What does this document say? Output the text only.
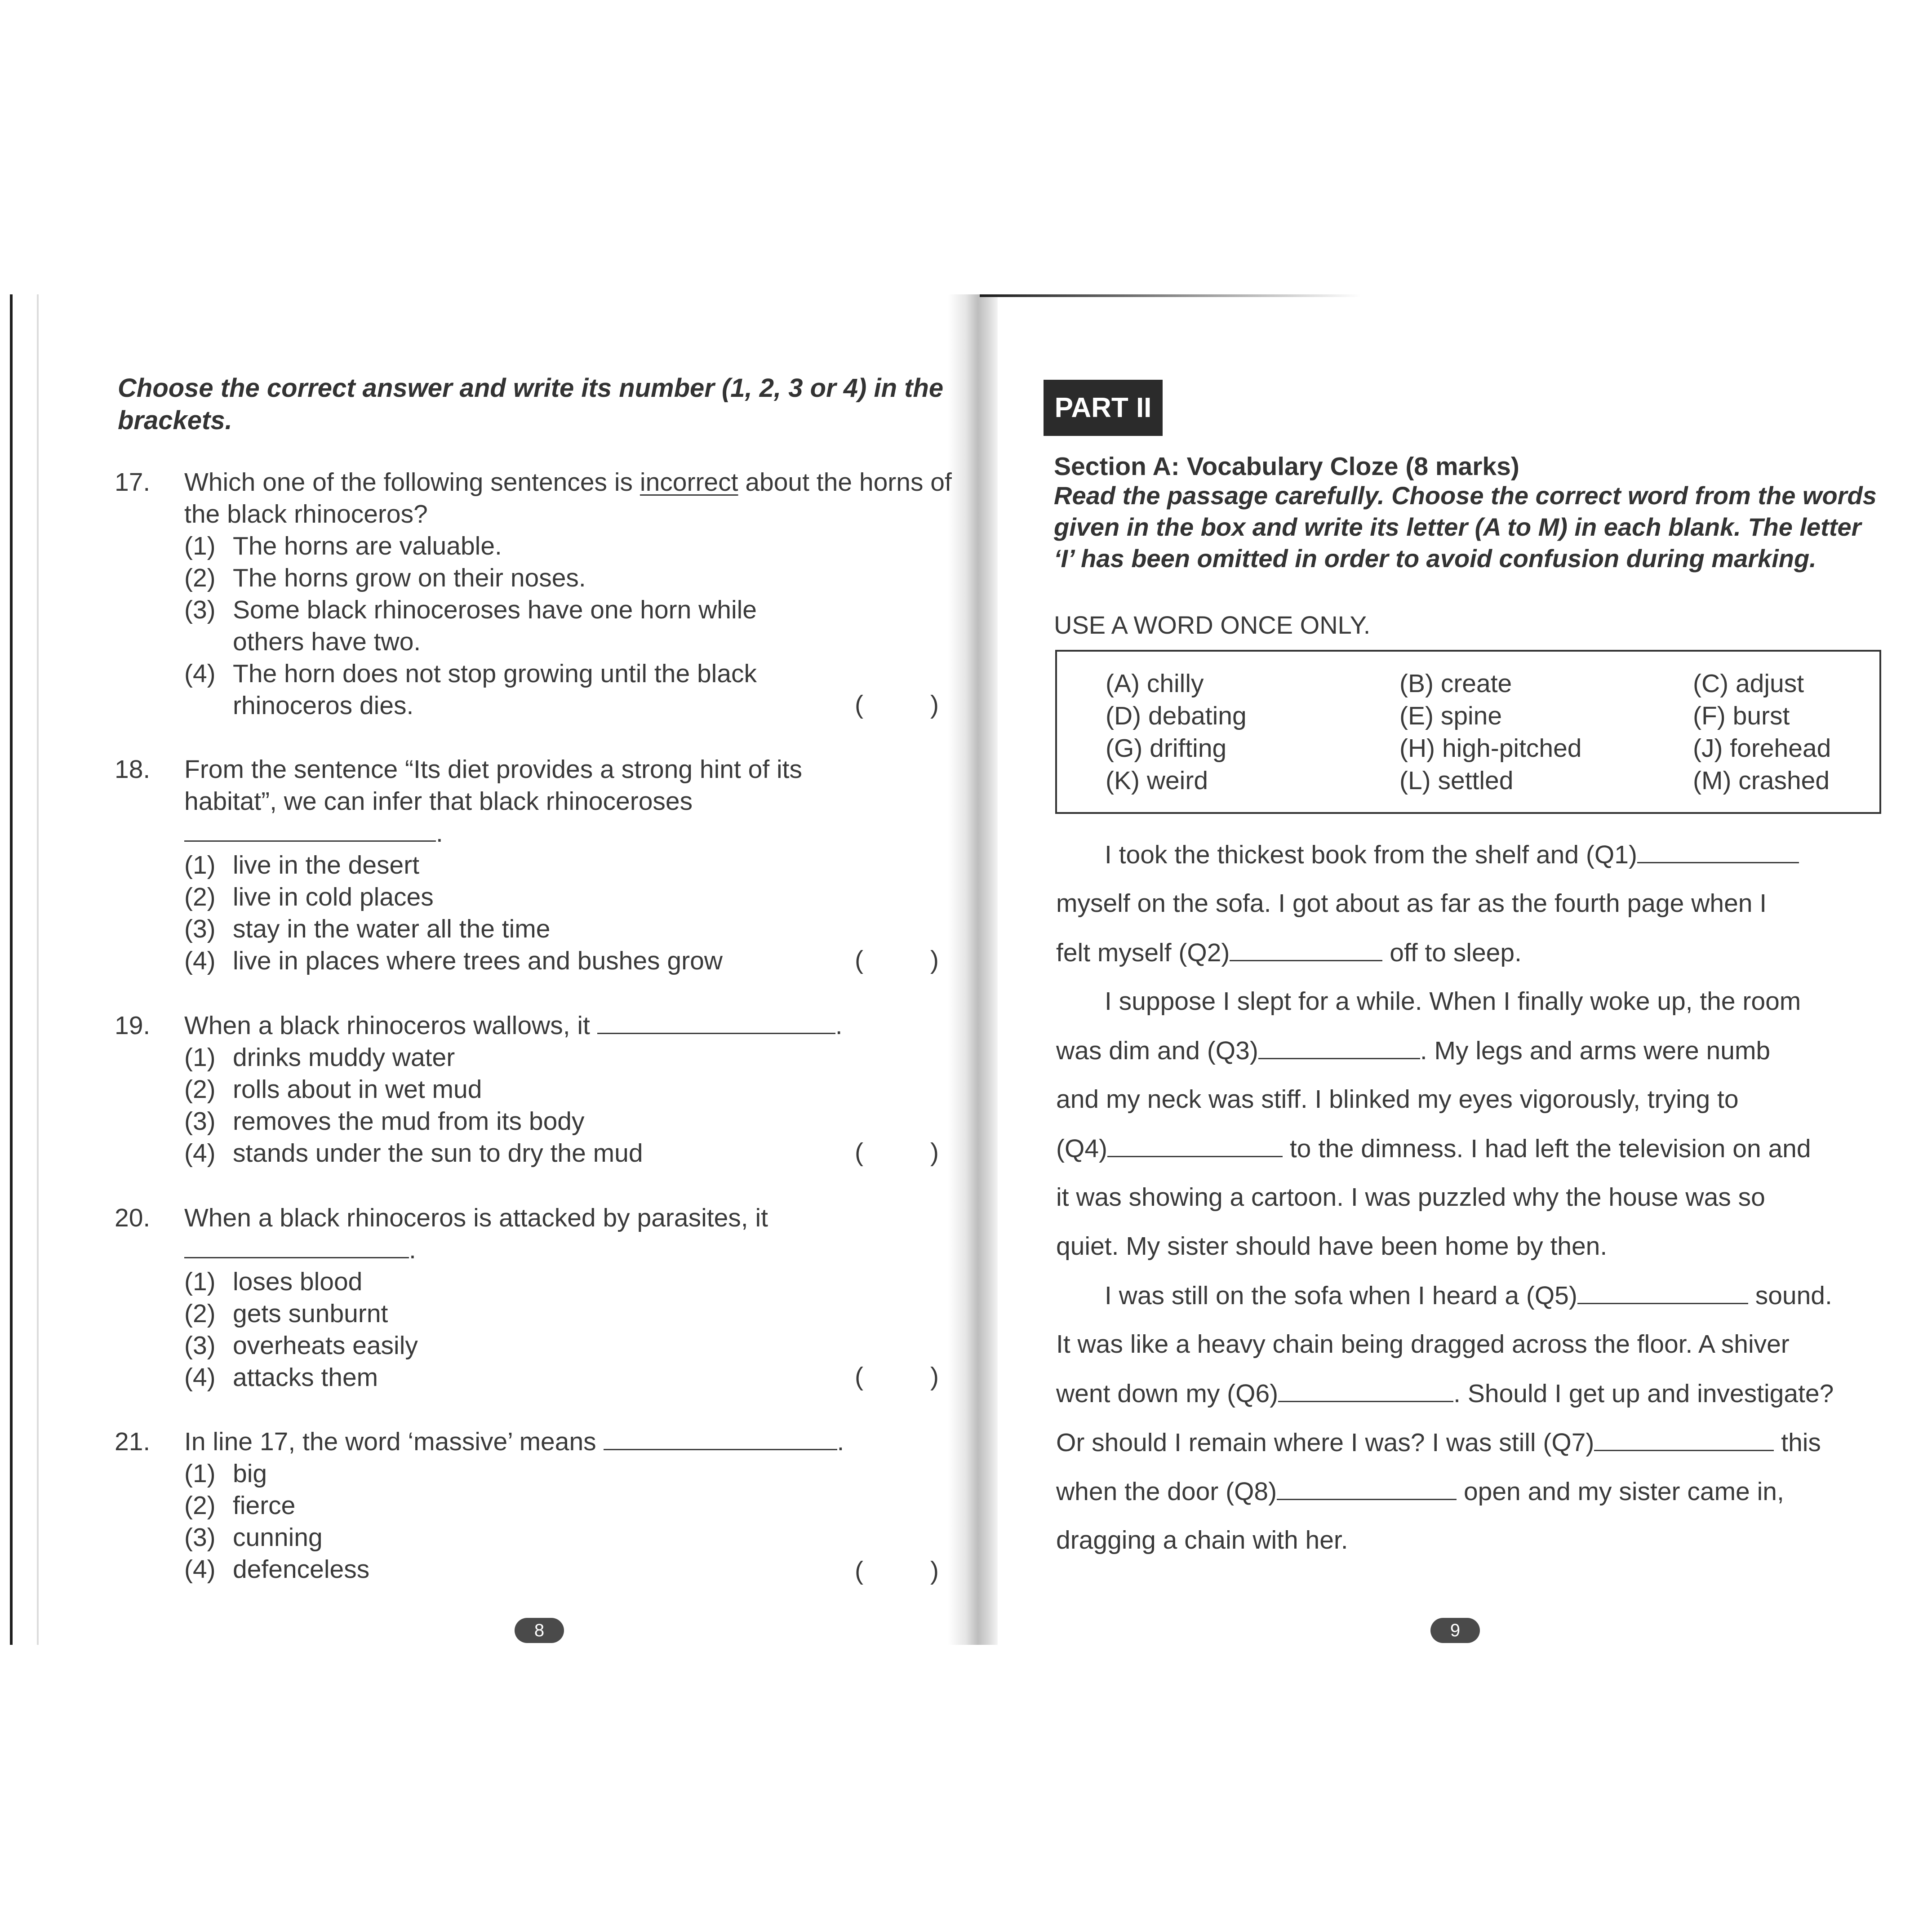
Choose the correct answer and write its number (1, 2, 3 or 4) in the brackets.
17.	Which one of the following sentences is incorrect about the horns of the black rhinoceros?
(1) The horns are valuable.
(2) The horns grow on their noses.
(3) Some black rhinoceroses have one horn while others have two.
(4) The horn does not stop growing until the black rhinoceros dies.	(	)
18.	From the sentence “Its diet provides a strong hint of its habitat”, we can infer that black rhinoceroses
.
(1) live in the desert
(2) live in cold places
(3) stay in the water all the time
(4) live in places where trees and bushes grow	(	)
19.	When a black rhinoceros wallows, it	.
(1) drinks muddy water
(2) rolls about in wet mud
(3) removes the mud from its body
(4) stands under the sun to dry the mud	(	)
20.	When a black rhinoceros is attacked by parasites, it
.
(1) loses blood
(2) gets sunburnt
(3) overheats easily
(4) attacks them	(	)
21.	In line 17, the word ‘massive’ means	.
(1) big
(2) fierce
(3) cunning
(4) defenceless	(	)
8
PART II
Section A: Vocabulary Cloze (8 marks)
Read the passage carefully. Choose the correct word from the words given in the box and write its letter (A to M) in each blank. The letter ‘I’ has been omitted in order to avoid confusion during marking.
USE A WORD ONCE ONLY.
(A) chilly	(B) create	(C) adjust
(D) debating	(E) spine	(F) burst
(G) drifting	(H) high-pitched	(J) forehead
(K) weird	(L) settled	(M) crashed
I took the thickest book from the shelf and (Q1)
myself on the sofa. I got about as far as the fourth page when I
felt myself (Q2)	off to sleep.
I suppose I slept for a while. When I finally woke up, the room
was dim and (Q3)	. My legs and arms were numb
and my neck was stiff. I blinked my eyes vigorously, trying to
(Q4)	to the dimness. I had left the television on and
it was showing a cartoon. I was puzzled why the house was so
quiet. My sister should have been home by then.
I was still on the sofa when I heard a (Q5)	sound.
It was like a heavy chain being dragged across the floor. A shiver
went down my (Q6)	. Should I get up and investigate?
Or should I remain where I was? I was still (Q7)	this
when the door (Q8)	open and my sister came in,
dragging a chain with her.
9
